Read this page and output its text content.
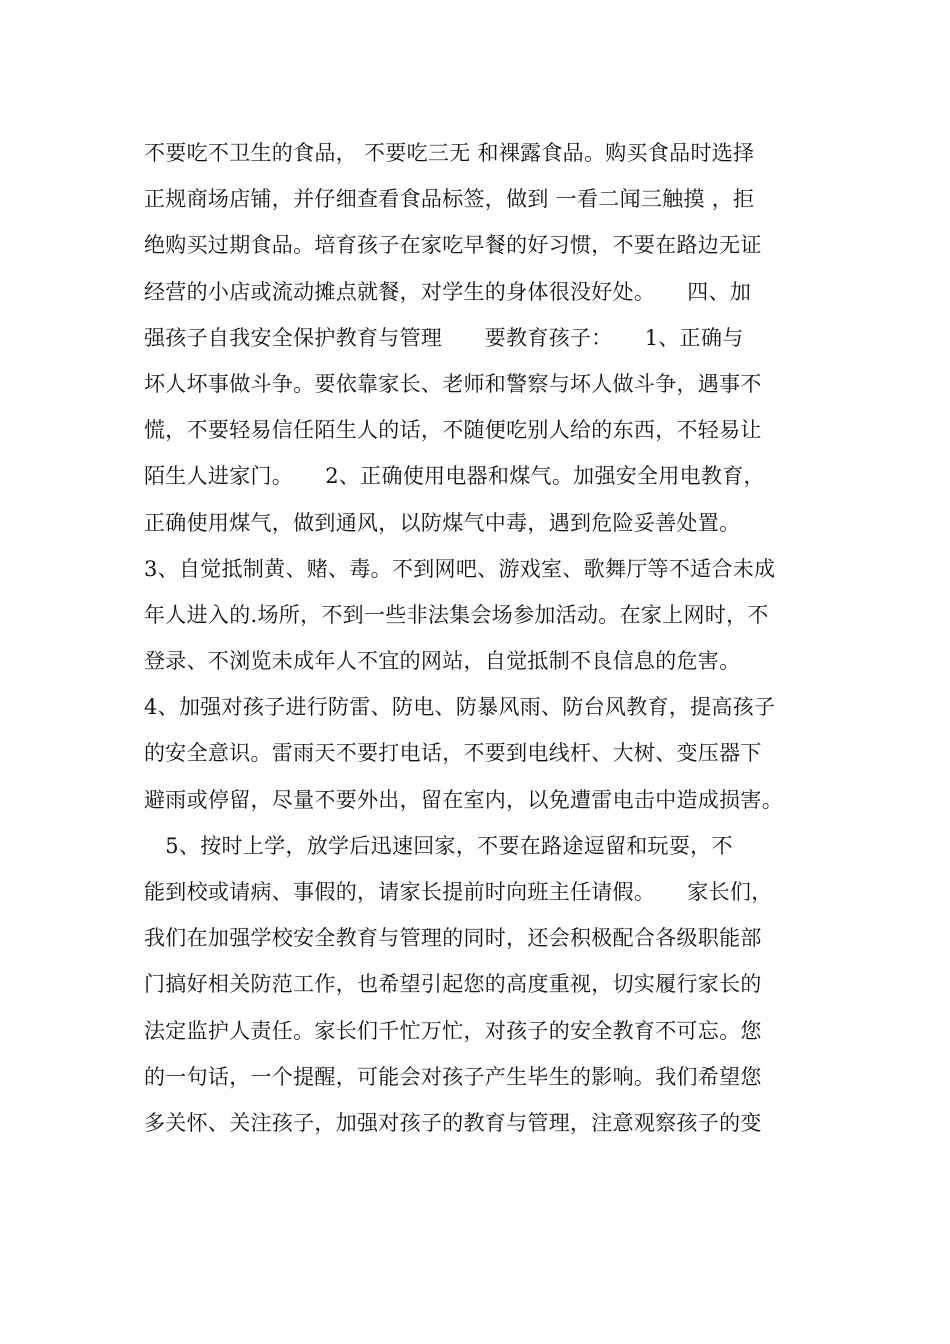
不要吃不卫生的食品， 不要吃三无 和裸露食品。购买食品时选择
正规商场店铺，并仔细查看食品标签，做到 一看二闻三触摸 ，拒
绝购买过期食品。培育孩子在家吃早餐的好习惯，不要在路边无证
经营的小店或流动摊点就餐，对学生的身体很没好处。　　四、加
强孩子自我安全保护教育与管理　　要教育孩子：　　1、正确与
坏人坏事做斗争。要依靠家长、老师和警察与坏人做斗争，遇事不
慌，不要轻易信任陌生人的话，不随便吃别人给的东西，不轻易让
陌生人进家门。　　2、正确使用电器和煤气。加强安全用电教育，
正确使用煤气，做到通风，以防煤气中毒，遇到危险妥善处置。
3、自觉抵制黄、赌、毒。不到网吧、游戏室、歌舞厅等不适合未成
年人进入的.场所，不到一些非法集会场参加活动。在家上网时，不
登录、不浏览未成年人不宜的网站，自觉抵制不良信息的危害。
4、加强对孩子进行防雷、防电、防暴风雨、防台风教育，提高孩子
的安全意识。雷雨天不要打电话，不要到电线杆、大树、变压器下
避雨或停留，尽量不要外出，留在室内，以免遭雷电击中造成损害。
　5、按时上学，放学后迅速回家，不要在路途逗留和玩耍，不
能到校或请病、事假的，请家长提前时向班主任请假。　　家长们，
我们在加强学校安全教育与管理的同时，还会积极配合各级职能部
门搞好相关防范工作，也希望引起您的高度重视，切实履行家长的
法定监护人责任。家长们千忙万忙，对孩子的安全教育不可忘。您
的一句话，一个提醒，可能会对孩子产生毕生的影响。我们希望您
多关怀、关注孩子，加强对孩子的教育与管理，注意观察孩子的变
